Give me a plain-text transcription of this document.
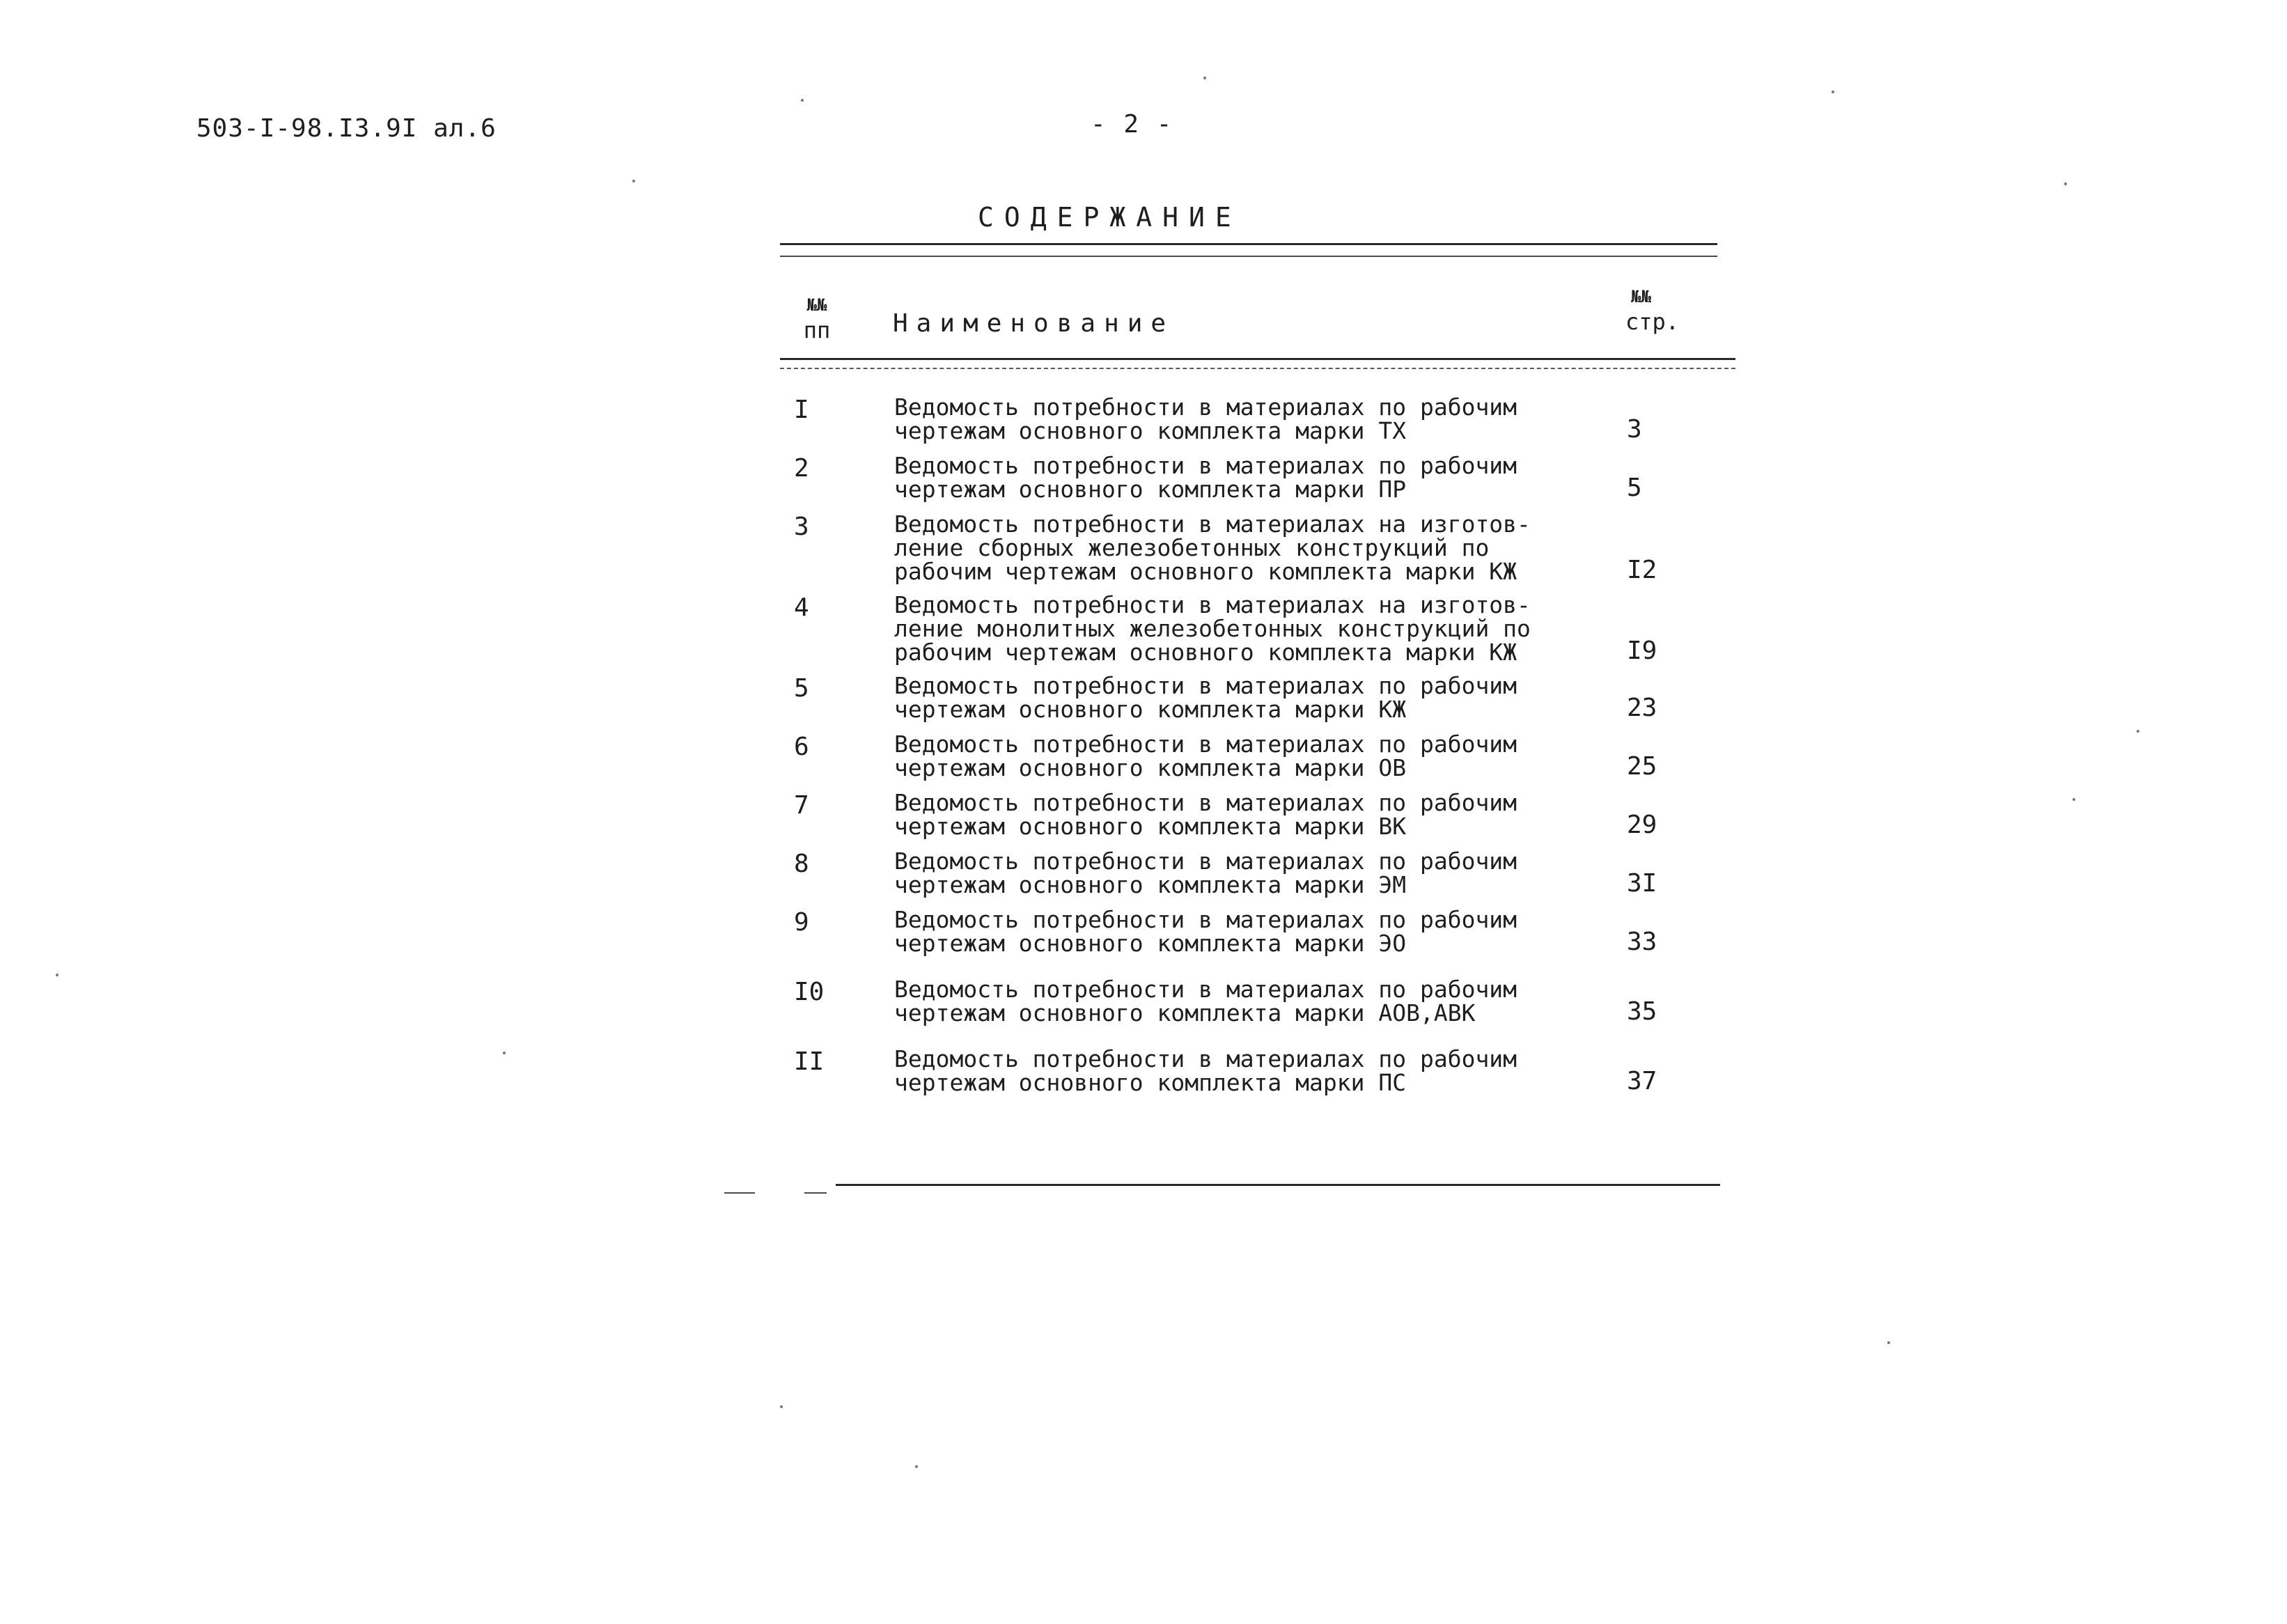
503-I-98.I3.9I ал.6	- 2 -
СОДЕРЖАНИЕ
№№
пп	Наименование
№№
стр.
I	Ведомость потребности в материалах по рабочим
чертежам основного комплекта марки ТХ	3
2	Ведомость потребности в материалах по рабочим
чертежам основного комплекта марки ПР	5
3	Ведомость потребности в материалах на изготов-
ление сборных железобетонных конструкций по
рабочим чертежам основного комплекта марки КЖ	I2
4	Ведомость потребности в материалах на изготов-
ление монолитных железобетонных конструкций по
рабочим чертежам основного комплекта марки КЖ	I9
5	Ведомость потребности в материалах по рабочим
чертежам основного комплекта марки КЖ	23
6	Ведомость потребности в материалах по рабочим
чертежам основного комплекта марки ОВ	25
7	Ведомость потребности в материалах по рабочим
чертежам основного комплекта марки ВК	29
8	Ведомость потребности в материалах по рабочим
чертежам основного комплекта марки ЭМ	3I
9	Ведомость потребности в материалах по рабочим
чертежам основного комплекта марки ЭО	33
I0	Ведомость потребности в материалах по рабочим
чертежам основного комплекта марки АОВ,АВК	35
II	Ведомость потребности в материалах по рабочим
чертежам основного комплекта марки ПС	37
